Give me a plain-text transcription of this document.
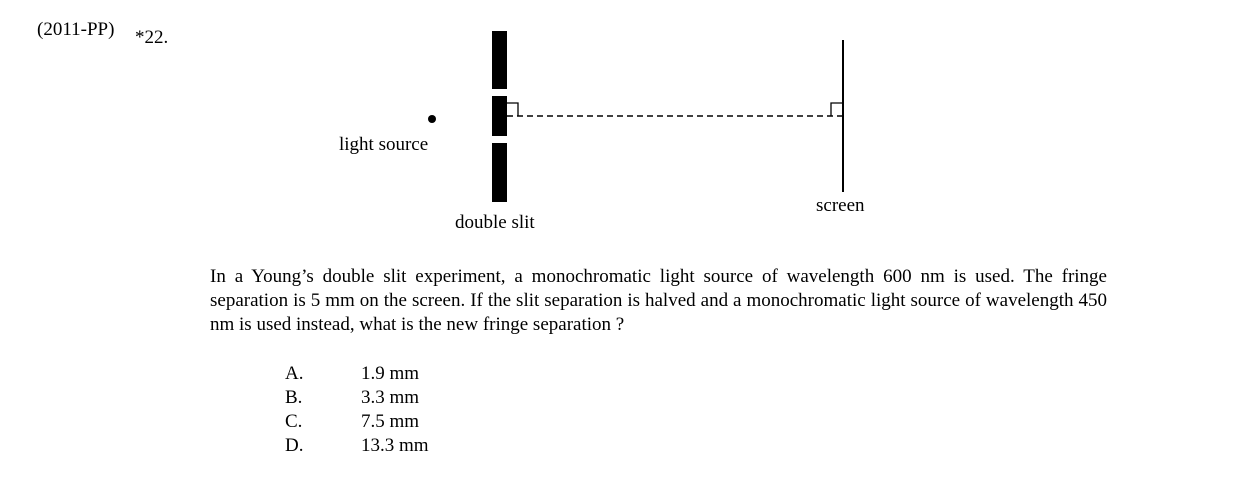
(2011-PP) *22.
light source
double slit
screen
In a Young’s double slit experiment, a monochromatic light source of wavelength 600 nm is used. The fringe separation is 5 mm on the screen. If the slit separation is halved and a monochromatic light source of wavelength 450 nm is used instead, what is the new fringe separation ?
A.	1.9 mm
B.	3.3 mm
C.	7.5 mm
D.	13.3 mm
